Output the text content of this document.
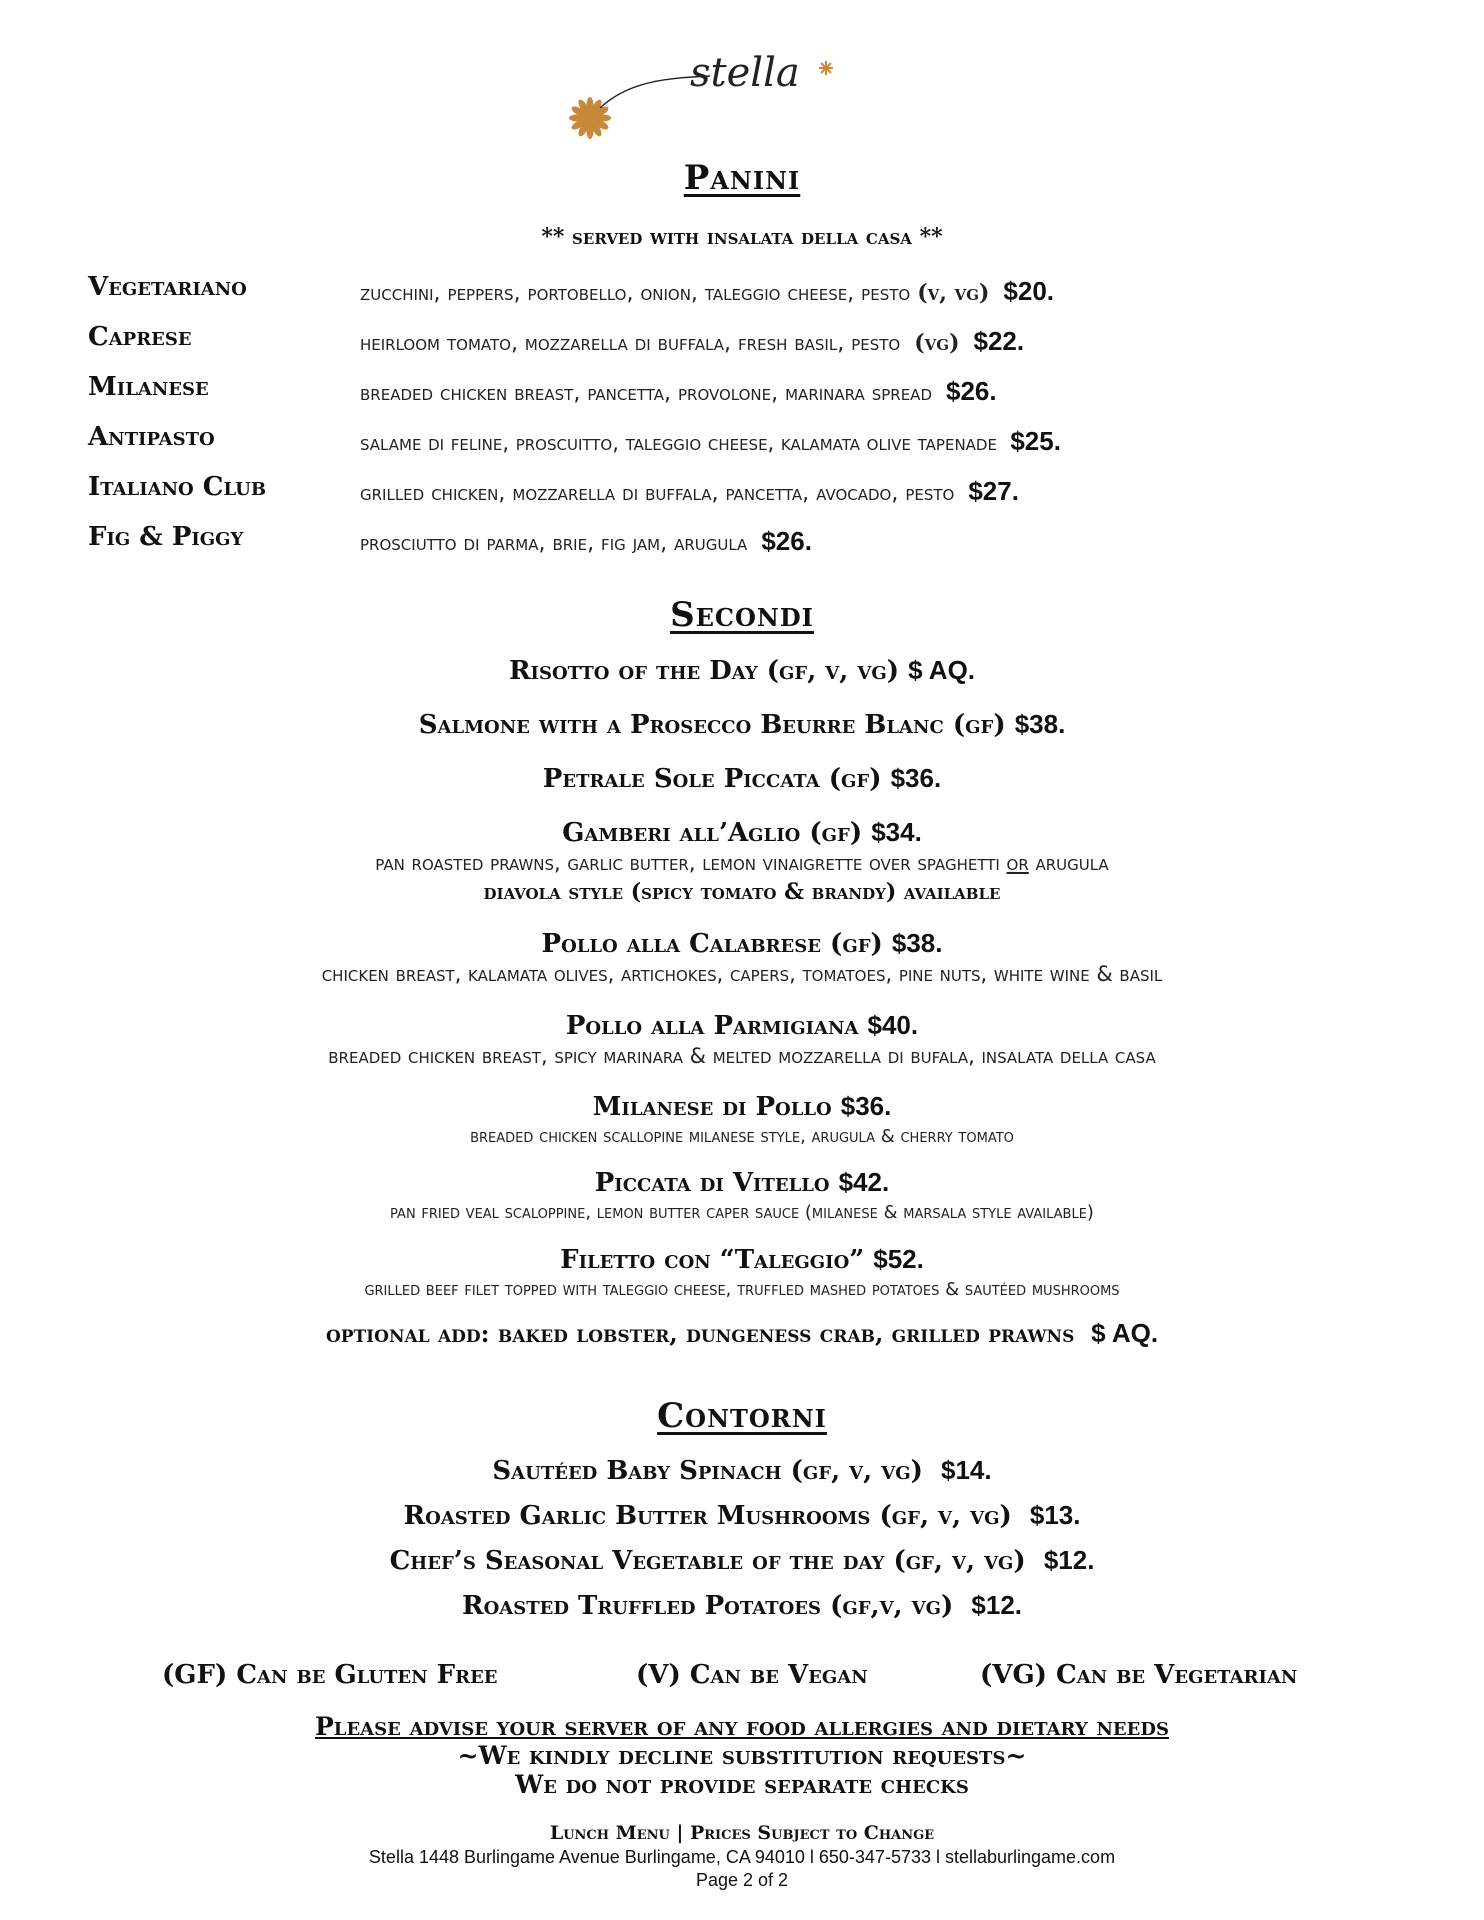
stella
Panini
** served with insalata della casa **
Vegetariano	zucchini, peppers, portobello, onion, taleggio cheese, pesto (v, vg) $20.
Caprese	heirloom tomato, mozzarella di buffala, fresh basil, pesto (vg) $22.
Milanese	breaded chicken breast, pancetta, provolone, marinara spread $26.
Antipasto	salame di feline, proscuitto, taleggio cheese, kalamata olive tapenade $25.
Italiano Club	grilled chicken, mozzarella di buffala, pancetta, avocado, pesto $27.
Fig & Piggy	prosciutto di parma, brie, fig jam, arugula $26.
Secondi
Risotto of the Day (gf, v, vg) $ AQ.
Salmone with a Prosecco Beurre Blanc (gf) $38.
Petrale Sole Piccata (gf) $36.
Gamberi all’Aglio (gf) $34.
pan roasted prawns, garlic butter, lemon vinaigrette over spaghetti or arugula
diavola style (spicy tomato & brandy) available
Pollo alla Calabrese (gf) $38.
chicken breast, kalamata olives, artichokes, capers, tomatoes, pine nuts, white wine & basil
Pollo alla Parmigiana $40.
breaded chicken breast, spicy marinara & melted mozzarella di bufala, insalata della casa
Milanese di Pollo $36.
breaded chicken scallopine milanese style, arugula & cherry tomato
Piccata di Vitello $42.
pan fried veal scaloppine, lemon butter caper sauce (milanese & marsala style available)
Filetto con “Taleggio” $52.
grilled beef filet topped with taleggio cheese, truffled mashed potatoes & sautéed mushrooms
optional add: baked lobster, dungeness crab, grilled prawns $ AQ.
Contorni
Sautéed Baby Spinach (gf, v, vg) $14.
Roasted Garlic Butter Mushrooms (gf, v, vg) $13.
Chef’s Seasonal Vegetable of the day (gf, v, vg) $12.
Roasted Truffled Potatoes (gf,v, vg) $12.
(GF) Can be Gluten Free	(V) Can be Vegan	(VG) Can be Vegetarian
Please advise your server of any food allergies and dietary needs
~We kindly decline substitution requests~
We do not provide separate checks
Lunch Menu | Prices Subject to Change
Stella 1448 Burlingame Avenue Burlingame, CA 94010 l 650-347-5733 l stellaburlingame.com
Page 2 of 2
